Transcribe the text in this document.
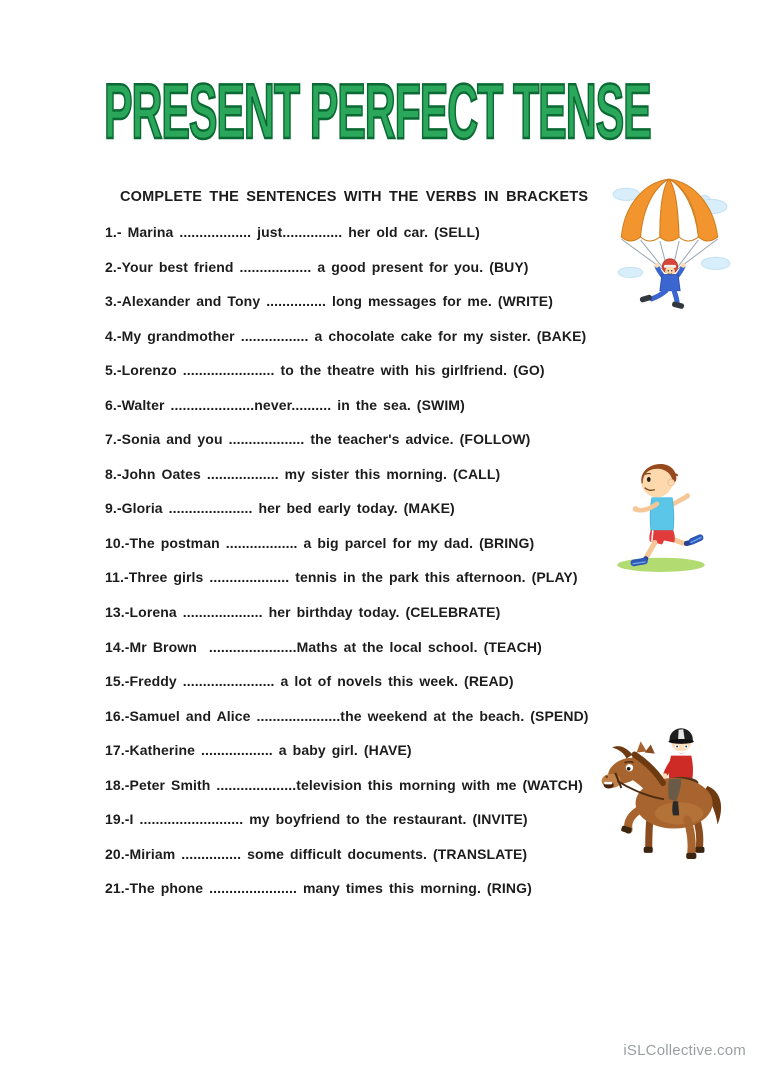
PRESENT PERFECT TENSE
COMPLETE THE SENTENCES WITH THE VERBS IN BRACKETS
1.- Marina .................. just............... her old car. (SELL)
2.-Your best friend .................. a good present for you. (BUY)
3.-Alexander and Tony ............... long messages for me. (WRITE)
4.-My grandmother ................. a chocolate cake for my sister. (BAKE)
5.-Lorenzo ....................... to the theatre with his girlfriend. (GO)
6.-Walter .....................never.......... in the sea. (SWIM)
7.-Sonia and you ................... the teacher's advice. (FOLLOW)
8.-John Oates .................. my sister this morning. (CALL)
9.-Gloria ..................... her bed early today. (MAKE)
10.-The postman .................. a big parcel for my dad. (BRING)
11.-Three girls .................... tennis in the park this afternoon. (PLAY)
13.-Lorena .................... her birthday today. (CELEBRATE)
14.-Mr Brown  ......................Maths at the local school. (TEACH)
15.-Freddy ....................... a lot of novels this week. (READ)
16.-Samuel and Alice .....................the weekend at the beach. (SPEND)
17.-Katherine .................. a baby girl. (HAVE)
18.-Peter Smith ....................television this morning with me (WATCH)
19.-I .......................... my boyfriend to the restaurant. (INVITE)
20.-Miriam ............... some difficult documents. (TRANSLATE)
21.-The phone ...................... many times this morning. (RING)
iSLCollective.com
